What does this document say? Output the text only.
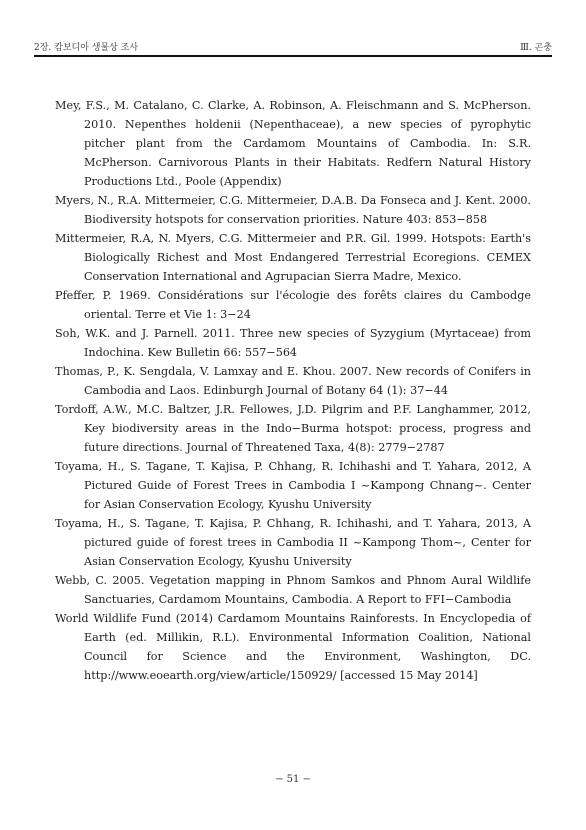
2장. 캄보디아 생물상 조사	Ⅲ. 곤충
Mey, F.S., M. Catalano, C. Clarke, A. Robinson, A. Fleischmann and S. McPherson. 2010. Nepenthes holdenii (Nepenthaceae), a new species of pyrophytic pitcher plant from the Cardamom Mountains of Cambodia. In: S.R. McPherson. Carnivorous Plants in their Habitats. Redfern Natural History Productions Ltd., Poole (Appendix)
Myers, N., R.A. Mittermeier, C.G. Mittermeier, D.A.B. Da Fonseca and J. Kent. 2000. Biodiversity hotspots for conservation priorities. Nature 403: 853−858
Mittermeier, R.A, N. Myers, C.G. Mittermeier and P.R. Gil. 1999. Hotspots: Earth's Biologically Richest and Most Endangered Terrestrial Ecoregions. CEMEX Conservation International and Agrupacian Sierra Madre, Mexico.
Pfeffer, P. 1969. Considérations sur l'écologie des forêts claires du Cambodge oriental. Terre et Vie 1: 3−24
Soh, W.K. and J. Parnell. 2011. Three new species of Syzygium (Myrtaceae) from Indochina. Kew Bulletin 66: 557−564
Thomas, P., K. Sengdala, V. Lamxay and E. Khou. 2007. New records of Conifers in Cambodia and Laos. Edinburgh Journal of Botany 64 (1): 37−44
Tordoff, A.W., M.C. Baltzer, J.R. Fellowes, J.D. Pilgrim and P.F. Langhammer, 2012, Key biodiversity areas in the Indo−Burma hotspot: process, progress and future directions. Journal of Threatened Taxa, 4(8): 2779−2787
Toyama, H., S. Tagane, T. Kajisa, P. Chhang, R. Ichihashi and T. Yahara, 2012, A Pictured Guide of Forest Trees in Cambodia I ~Kampong Chnang~. Center for Asian Conservation Ecology, Kyushu University
Toyama, H., S. Tagane, T. Kajisa, P. Chhang, R. Ichihashi, and T. Yahara, 2013, A pictured guide of forest trees in Cambodia II ~Kampong Thom~, Center for Asian Conservation Ecology, Kyushu University
Webb, C. 2005. Vegetation mapping in Phnom Samkos and Phnom Aural Wildlife Sanctuaries, Cardamom Mountains, Cambodia. A Report to FFI−Cambodia
World Wildlife Fund (2014) Cardamom Mountains Rainforests. In Encyclopedia of Earth (ed. Millikin, R.L). Environmental Information Coalition, National Council for Science and the Environment, Washington, DC. http://www.eoearth.org/view/article/150929/ [accessed 15 May 2014]
− 51 −
